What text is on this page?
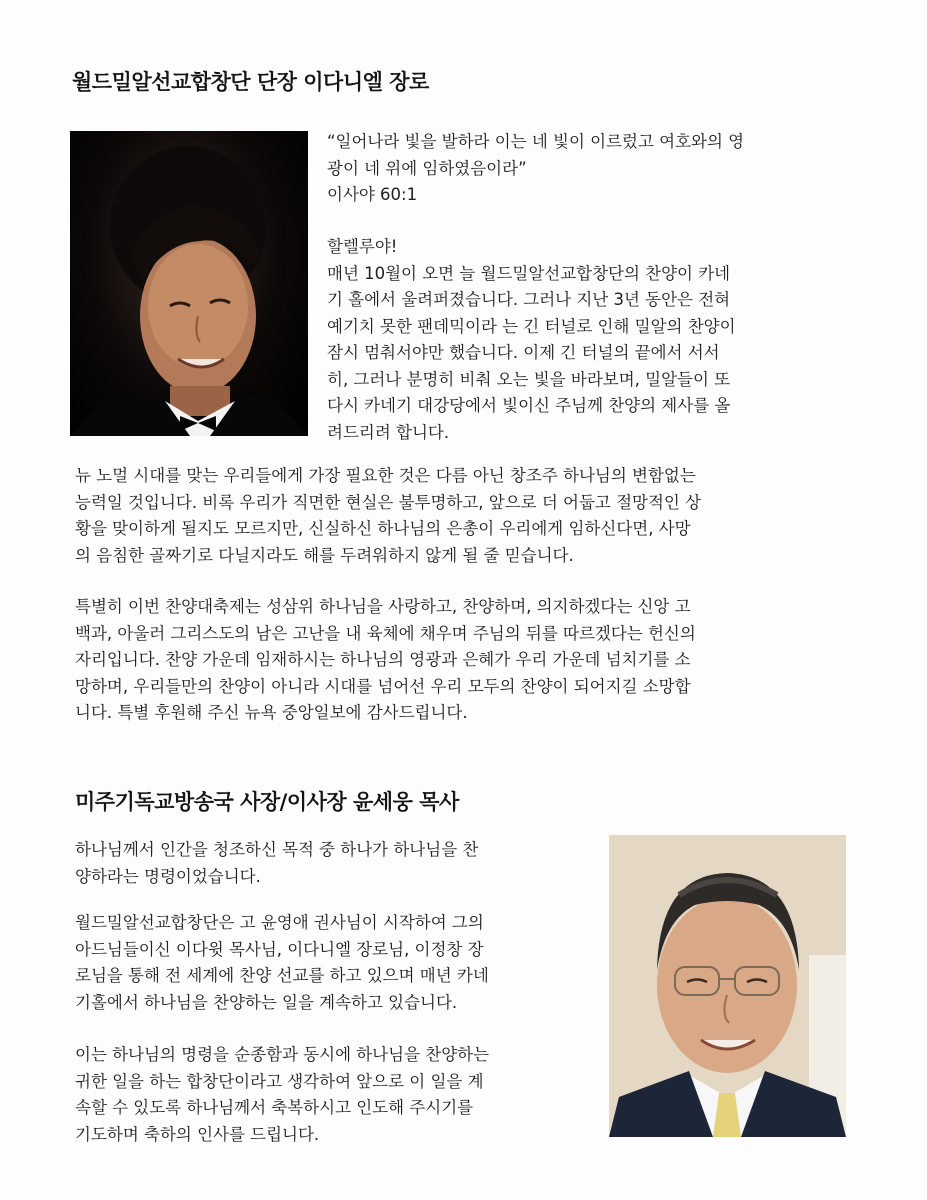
월드밀알선교합창단 단장 이다니엘 장로
“일어나라 빛을 발하라 이는 네 빛이 이르렀고 여호와의 영
광이 네 위에 임하였음이라”
이사야 60:1
할렐루야!
매년 10월이 오면 늘 월드밀알선교합창단의 찬양이 카네
기 홀에서 울려퍼졌습니다. 그러나 지난 3년 동안은 전혀
예기치 못한 팬데믹이라 는 긴 터널로 인해 밀알의 찬양이
잠시 멈춰서야만 했습니다. 이제 긴 터널의 끝에서 서서
히, 그러나 분명히 비춰 오는 빛을 바라보며, 밀알들이 또
다시 카네기 대강당에서 빛이신 주님께 찬양의 제사를 올
려드리려 합니다.
뉴 노멀 시대를 맞는 우리들에게 가장 필요한 것은 다름 아닌 창조주 하나님의 변함없는
능력일 것입니다. 비록 우리가 직면한 현실은 불투명하고, 앞으로 더 어둡고 절망적인 상
황을 맞이하게 될지도 모르지만, 신실하신 하나님의 은총이 우리에게 임하신다면, 사망
의 음침한 골짜기로 다닐지라도 해를 두려워하지 않게 될 줄 믿습니다.
특별히 이번 찬양대축제는 성삼위 하나님을 사랑하고, 찬양하며, 의지하겠다는 신앙 고
백과, 아울러 그리스도의 남은 고난을 내 육체에 채우며 주님의 뒤를 따르겠다는 헌신의
자리입니다. 찬양 가운데 임재하시는 하나님의 영광과 은혜가 우리 가운데 넘치기를 소
망하며, 우리들만의 찬양이 아니라 시대를 넘어선 우리 모두의 찬양이 되어지길 소망합
니다. 특별 후원해 주신 뉴욕 중앙일보에 감사드립니다.
미주기독교방송국 사장/이사장 윤세웅 목사
하나님께서 인간을 청조하신 목적 중 하나가 하나님을 찬
양하라는 명령이었습니다.
월드밀알선교합창단은 고 윤영애 권사님이 시작하여 그의
아드님들이신 이다윗 목사님, 이다니엘 장로님, 이정창 장
로님을 통해 전 세계에 찬양 선교를 하고 있으며 매년 카네
기홀에서 하나님을 찬양하는 일을 계속하고 있습니다.
이는 하나님의 명령을 순종함과 동시에 하나님을 찬양하는
귀한 일을 하는 합창단이라고 생각하여 앞으로 이 일을 계
속할 수 있도록 하나님께서 축복하시고 인도해 주시기를
기도하며 축하의 인사를 드립니다.
